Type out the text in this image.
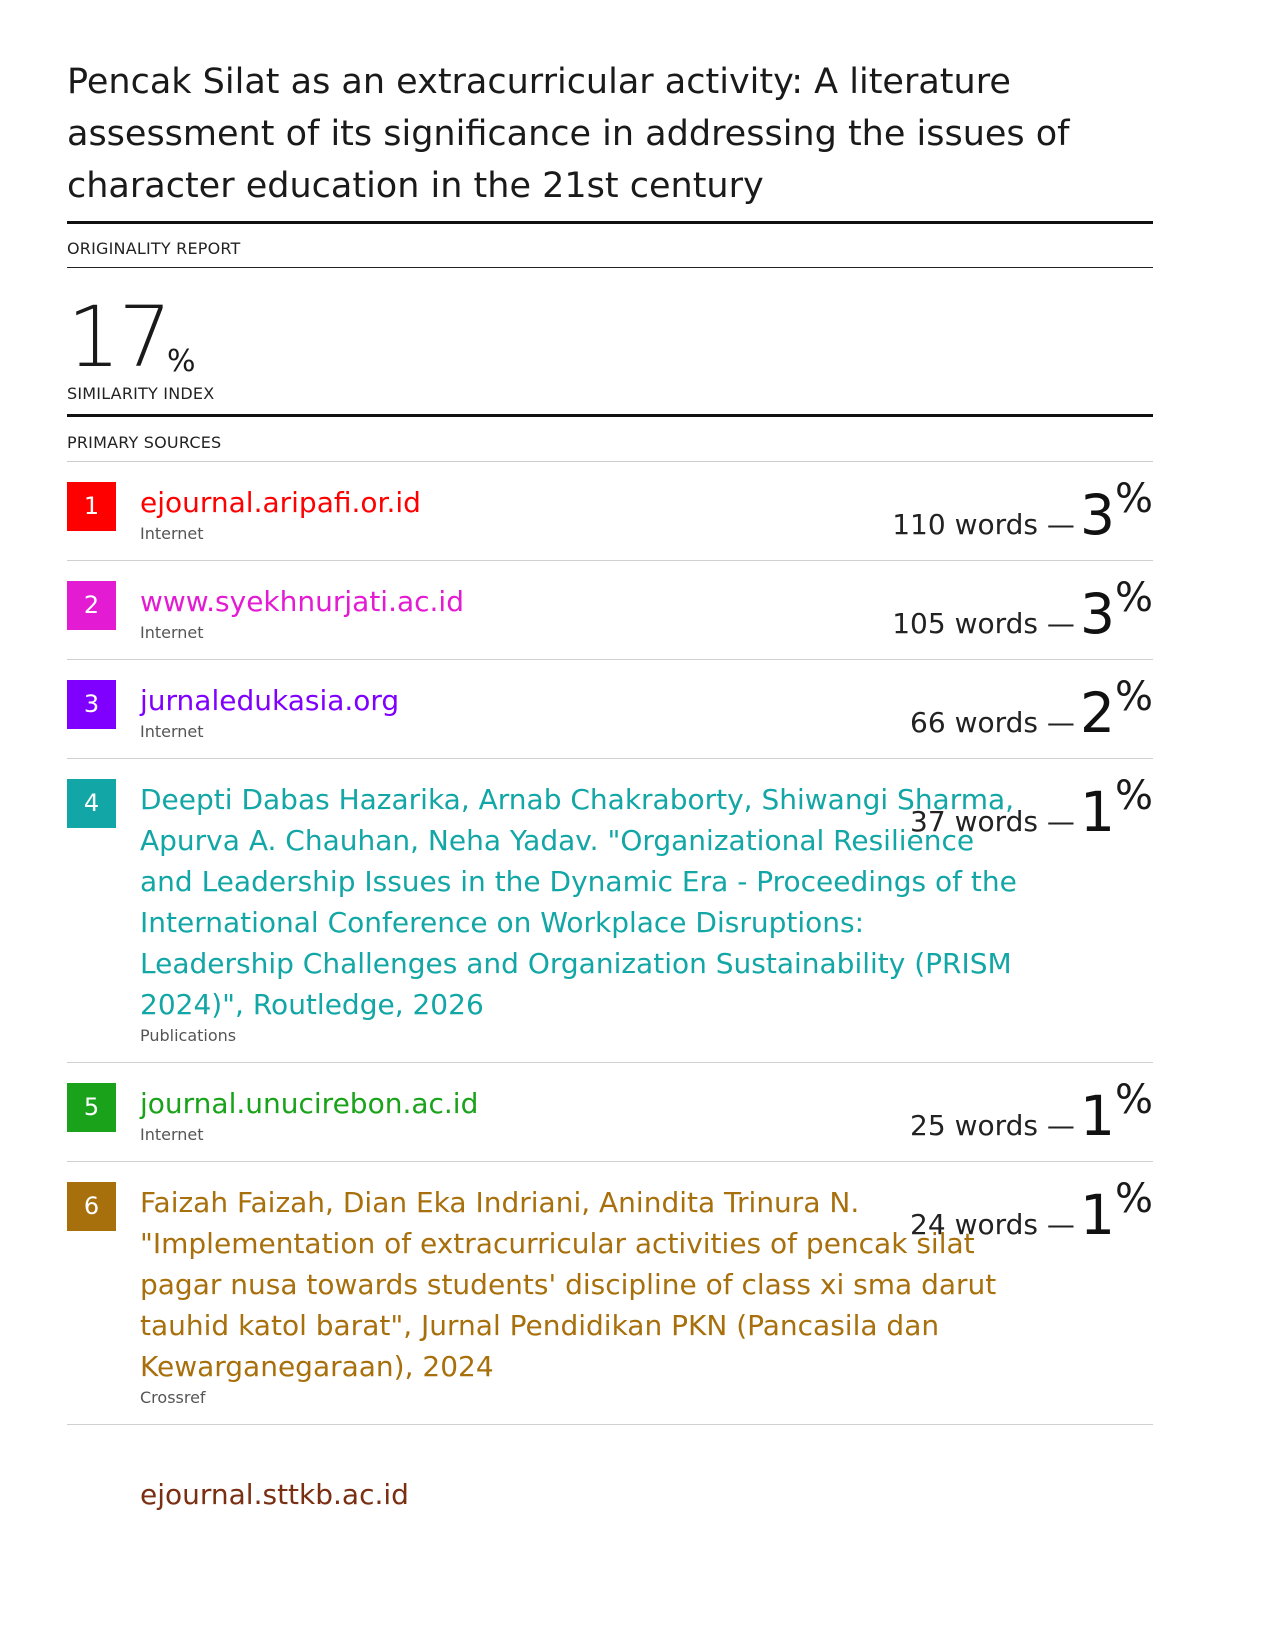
Pencak Silat as an extracurricular activity: A literature assessment of its significance in addressing the issues of character education in the 21st century
ORIGINALITY REPORT
17
%
SIMILARITY INDEX
PRIMARY SOURCES
1	ejournal.aripafi.or.id
Internet	110 words — 3%
2	www.syekhnurjati.ac.id
Internet	105 words — 3%
3	jurnaledukasia.org
Internet	66 words — 2%
4	Deepti Dabas Hazarika, Arnab Chakraborty, Shiwangi Sharma, Apurva A. Chauhan, Neha Yadav. "Organizational Resilience and Leadership Issues in the Dynamic Era - Proceedings of the International Conference on Workplace Disruptions: Leadership Challenges and Organization Sustainability (PRISM 2024)", Routledge, 2026
Publications
37 words — 1%
5	journal.unucirebon.ac.id
Internet	25 words — 1%
6	Faizah Faizah, Dian Eka Indriani, Anindita Trinura N. "Implementation of extracurricular activities of pencak silat pagar nusa towards students' discipline of class xi sma darut tauhid katol barat", Jurnal Pendidikan PKN (Pancasila dan Kewarganegaraan), 2024
Crossref
24 words — 1%
ejournal.sttkb.ac.id
